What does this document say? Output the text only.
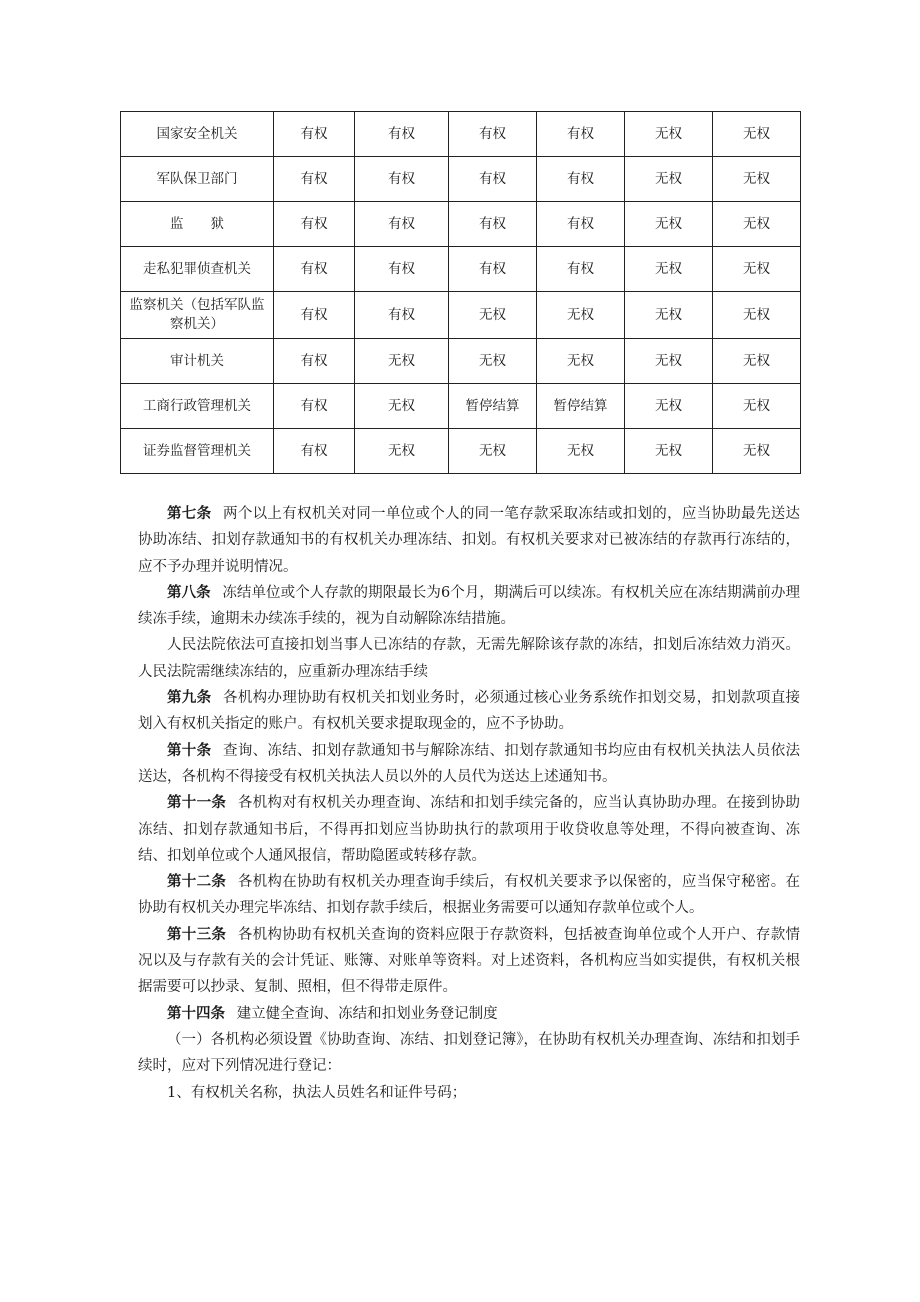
国家安全机关	有权	有权	有权	有权	无权	无权
军队保卫部门	有权	有权	有权	有权	无权	无权
监　　狱	有权	有权	有权	有权	无权	无权
走私犯罪侦查机关	有权	有权	有权	有权	无权	无权
监察机关（包括军队监察机关）	有权	有权	无权	无权	无权	无权
审计机关	有权	无权	无权	无权	无权	无权
工商行政管理机关	有权	无权	暂停结算	暂停结算	无权	无权
证券监督管理机关	有权	无权	无权	无权	无权	无权

第七条 两个以上有权机关对同一单位或个人的同一笔存款采取冻结或扣划的，应当协助最先送达协助冻结、扣划存款通知书的有权机关办理冻结、扣划。有权机关要求对已被冻结的存款再行冻结的，应不予办理并说明情况。

第八条 冻结单位或个人存款的期限最长为6个月，期满后可以续冻。有权机关应在冻结期满前办理续冻手续，逾期未办续冻手续的，视为自动解除冻结措施。

人民法院依法可直接扣划当事人已冻结的存款，无需先解除该存款的冻结，扣划后冻结效力消灭。人民法院需继续冻结的，应重新办理冻结手续

第九条 各机构办理协助有权机关扣划业务时，必须通过核心业务系统作扣划交易，扣划款项直接划入有权机关指定的账户。有权机关要求提取现金的，应不予协助。

第十条 查询、冻结、扣划存款通知书与解除冻结、扣划存款通知书均应由有权机关执法人员依法送达，各机构不得接受有权机关执法人员以外的人员代为送达上述通知书。

第十一条 各机构对有权机关办理查询、冻结和扣划手续完备的，应当认真协助办理。在接到协助冻结、扣划存款通知书后，不得再扣划应当协助执行的款项用于收贷收息等处理，不得向被查询、冻结、扣划单位或个人通风报信，帮助隐匿或转移存款。

第十二条 各机构在协助有权机关办理查询手续后，有权机关要求予以保密的，应当保守秘密。在协助有权机关办理完毕冻结、扣划存款手续后，根据业务需要可以通知存款单位或个人。

第十三条 各机构协助有权机关查询的资料应限于存款资料，包括被查询单位或个人开户、存款情况以及与存款有关的会计凭证、账簿、对账单等资料。对上述资料，各机构应当如实提供，有权机关根据需要可以抄录、复制、照相，但不得带走原件。

第十四条 建立健全查询、冻结和扣划业务登记制度

（一）各机构必须设置《协助查询、冻结、扣划登记簿》，在协助有权机关办理查询、冻结和扣划手续时，应对下列情况进行登记：

1、有权机关名称，执法人员姓名和证件号码；
